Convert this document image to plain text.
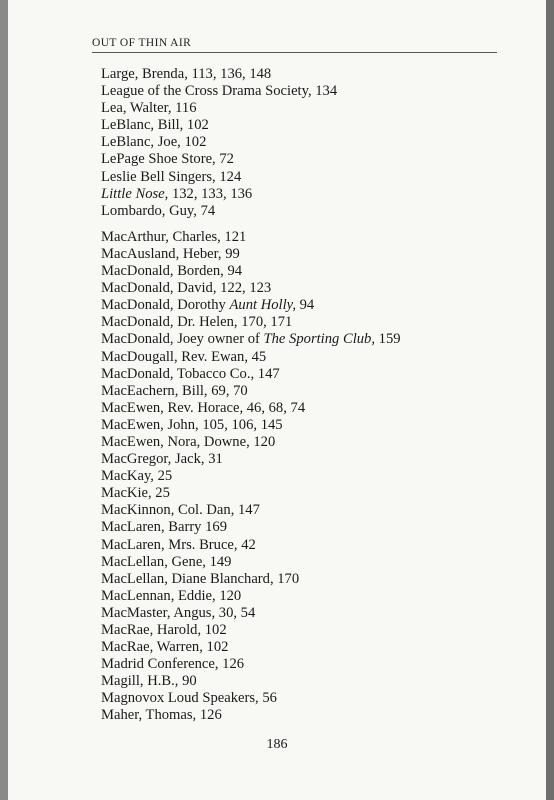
OUT OF THIN AIR
Large, Brenda, 113, 136, 148
League of the Cross Drama Society, 134
Lea, Walter, 116
LeBlanc, Bill, 102
LeBlanc, Joe, 102
LePage Shoe Store, 72
Leslie Bell Singers, 124
Little Nose, 132, 133, 136
Lombardo, Guy, 74
MacArthur, Charles, 121
MacAusland, Heber, 99
MacDonald, Borden, 94
MacDonald, David, 122, 123
MacDonald, Dorothy Aunt Holly, 94
MacDonald, Dr. Helen, 170, 171
MacDonald, Joey owner of The Sporting Club, 159
MacDougall, Rev. Ewan, 45
MacDonald, Tobacco Co., 147
MacEachern, Bill, 69, 70
MacEwen, Rev. Horace, 46, 68, 74
MacEwen, John, 105, 106, 145
MacEwen, Nora, Downe, 120
MacGregor, Jack, 31
MacKay, 25
MacKie, 25
MacKinnon, Col. Dan, 147
MacLaren, Barry 169
MacLaren, Mrs. Bruce, 42
MacLellan, Gene, 149
MacLellan, Diane Blanchard, 170
MacLennan, Eddie, 120
MacMaster, Angus, 30, 54
MacRae, Harold, 102
MacRae, Warren, 102
Madrid Conference, 126
Magill, H.B., 90
Magnovox Loud Speakers, 56
Maher, Thomas, 126
186
